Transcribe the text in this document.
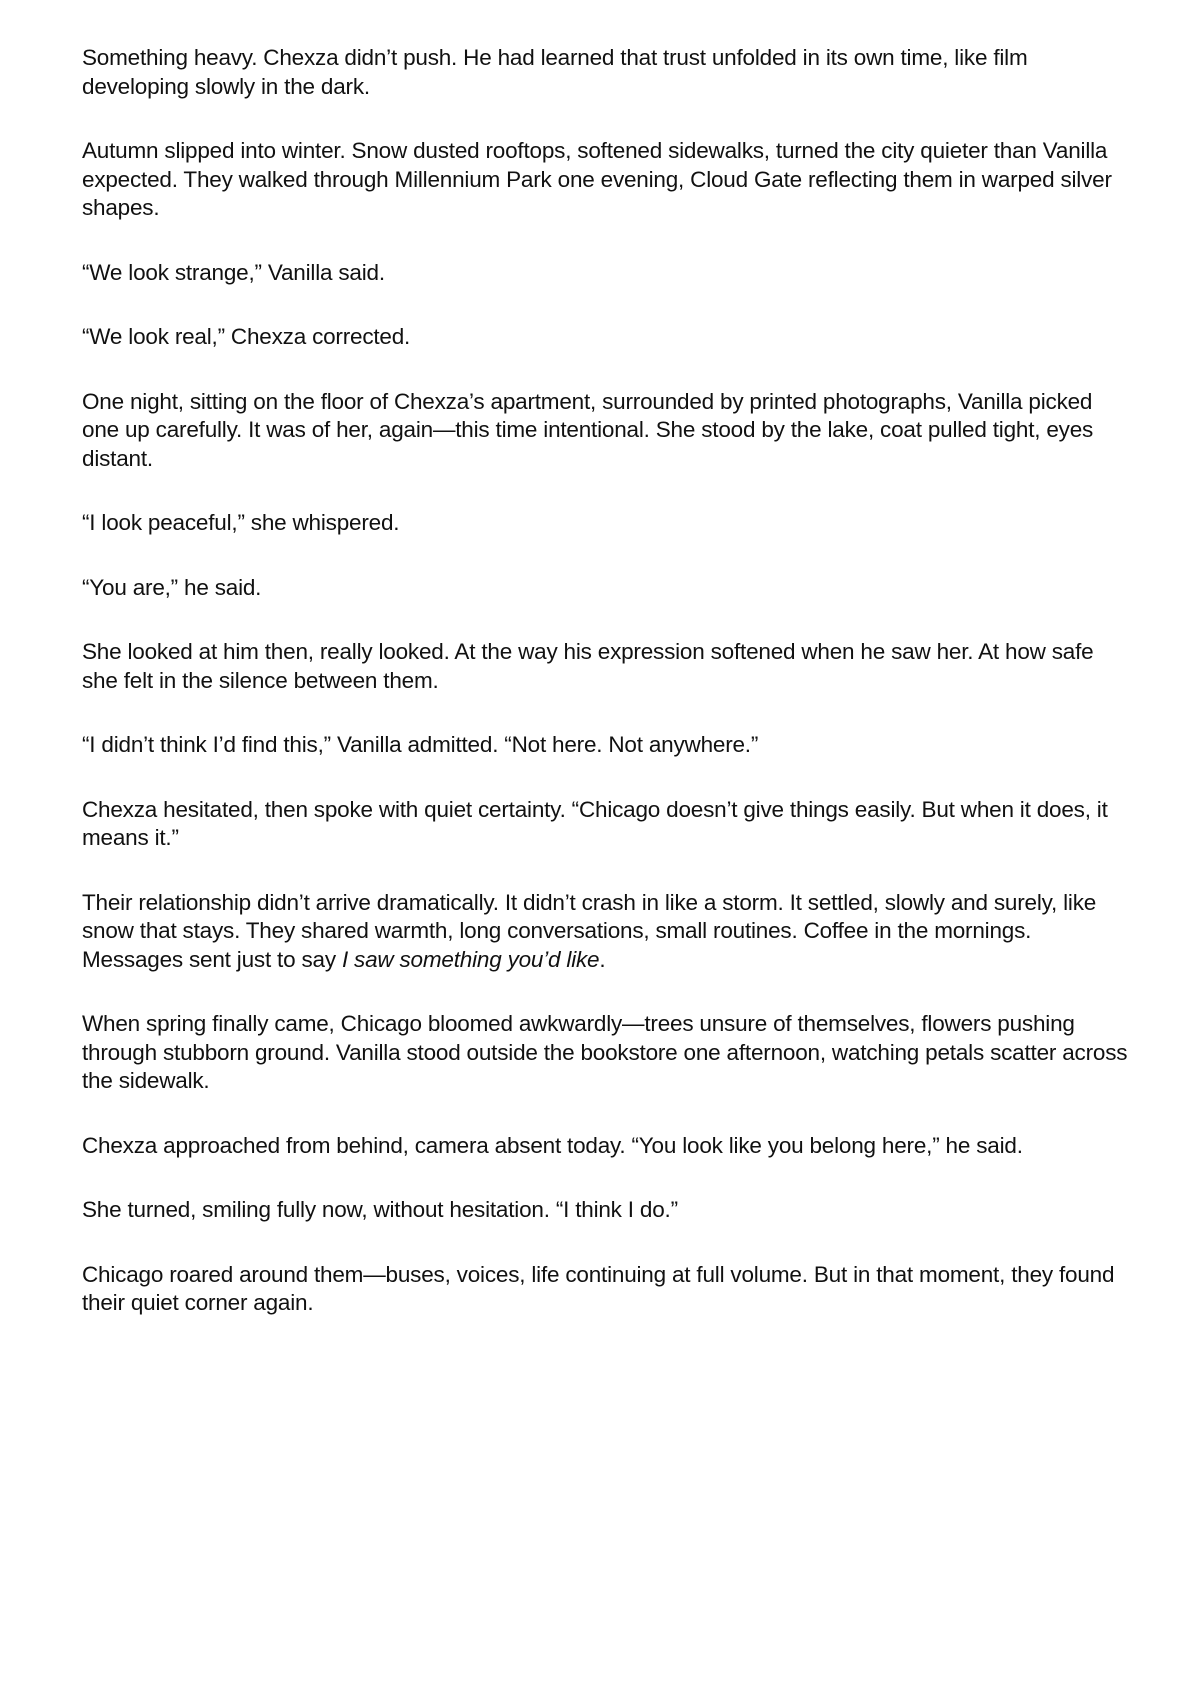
Something heavy. Chexza didn’t push. He had learned that trust unfolded in its own time, like film developing slowly in the dark.

Autumn slipped into winter. Snow dusted rooftops, softened sidewalks, turned the city quieter than Vanilla expected. They walked through Millennium Park one evening, Cloud Gate reflecting them in warped silver shapes.

“We look strange,” Vanilla said.

“We look real,” Chexza corrected.

One night, sitting on the floor of Chexza’s apartment, surrounded by printed photographs, Vanilla picked one up carefully. It was of her, again—this time intentional. She stood by the lake, coat pulled tight, eyes distant.

“I look peaceful,” she whispered.

“You are,” he said.

She looked at him then, really looked. At the way his expression softened when he saw her. At how safe she felt in the silence between them.

“I didn’t think I’d find this,” Vanilla admitted. “Not here. Not anywhere.”

Chexza hesitated, then spoke with quiet certainty. “Chicago doesn’t give things easily. But when it does, it means it.”

Their relationship didn’t arrive dramatically. It didn’t crash in like a storm. It settled, slowly and surely, like snow that stays. They shared warmth, long conversations, small routines. Coffee in the mornings. Messages sent just to say I saw something you’d like.

When spring finally came, Chicago bloomed awkwardly—trees unsure of themselves, flowers pushing through stubborn ground. Vanilla stood outside the bookstore one afternoon, watching petals scatter across the sidewalk.

Chexza approached from behind, camera absent today. “You look like you belong here,” he said.

She turned, smiling fully now, without hesitation. “I think I do.”

Chicago roared around them—buses, voices, life continuing at full volume. But in that moment, they found their quiet corner again.
